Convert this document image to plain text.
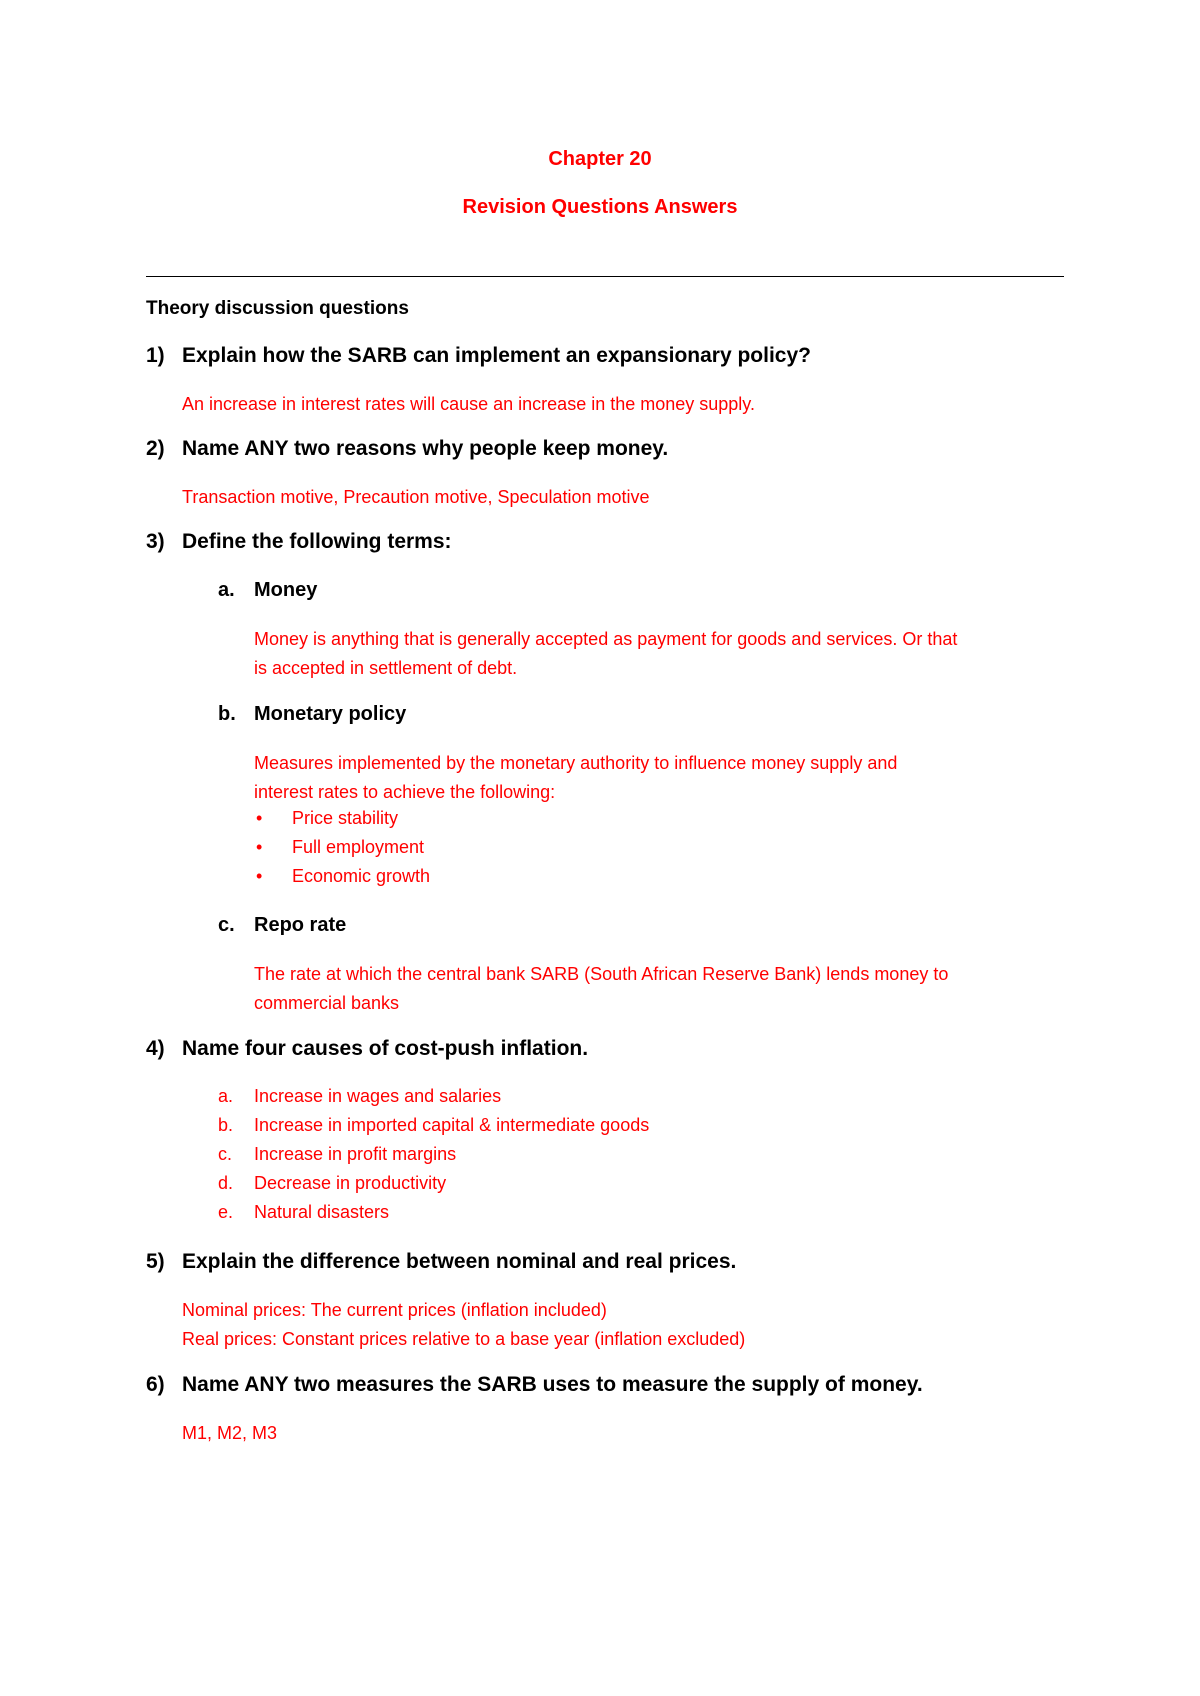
Chapter 20
Revision Questions Answers
Theory discussion questions
1) Explain how the SARB can implement an expansionary policy?
An increase in interest rates will cause an increase in the money supply.
2) Name ANY two reasons why people keep money.
Transaction motive, Precaution motive, Speculation motive
3) Define the following terms:
a. Money
Money is anything that is generally accepted as payment for goods and services. Or that
is accepted in settlement of debt.
b. Monetary policy
Measures implemented by the monetary authority to influence money supply and
interest rates to achieve the following:
• Price stability
• Full employment
• Economic growth
c. Repo rate
The rate at which the central bank SARB (South African Reserve Bank) lends money to
commercial banks
4) Name four causes of cost-push inflation.
a. Increase in wages and salaries
b. Increase in imported capital & intermediate goods
c. Increase in profit margins
d. Decrease in productivity
e. Natural disasters
5) Explain the difference between nominal and real prices.
Nominal prices: The current prices (inflation included)
Real prices: Constant prices relative to a base year (inflation excluded)
6) Name ANY two measures the SARB uses to measure the supply of money.
M1, M2, M3
